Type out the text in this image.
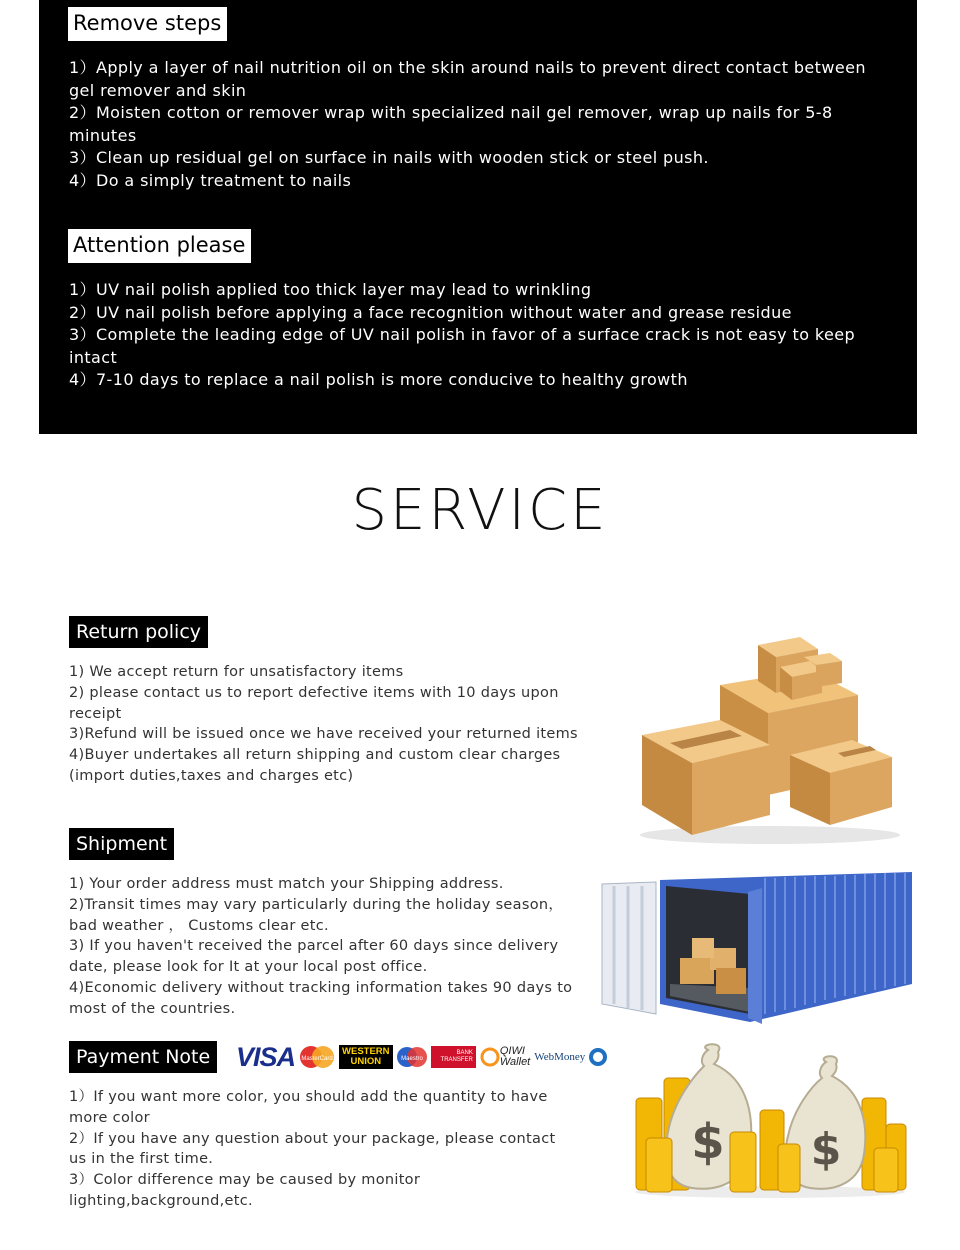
Remove steps
1）Apply a layer of nail nutrition oil on the skin around nails to prevent direct contact between gel remover and skin
2）Moisten cotton or remover wrap with specialized nail gel remover, wrap up nails for 5-8 minutes
3）Clean up residual gel on surface in nails with wooden stick or steel push.
4）Do a simply treatment to nails
Attention please
1）UV nail polish applied too thick layer may lead to wrinkling
2）UV nail polish before applying a face recognition without water and grease residue
3）Complete the leading edge of UV nail polish in favor of a surface crack is not easy to keep intact
4）7-10 days to replace a nail polish is more conducive to healthy growth
SERVICE
Return policy
1) We accept return for unsatisfactory items
2) please contact us to report defective items with 10 days upon receipt
3)Refund will be issued once we have received your returned items
4)Buyer undertakes all return shipping and custom clear charges (import duties,taxes and charges etc)
Shipment
1) Your order address must match your Shipping address.
2)Transit times may vary particularly during the holiday season，bad weather ， Customs clear etc.
3) If you haven't received the parcel after 60 days since delivery date, please look for It at your local post office.
4)Economic delivery without tracking information takes 90 days to most of the countries.
Payment Note VISA MasterCard
WESTERN
UNION	Maestro
BANK
TRANSFER
QIWI
Wallet WebMoney
1）If you want more color, you should add the quantity to have more color
2）If you have any question about your package, please contact us in the first time.
3）Color difference may be caused by monitor lighting,background,etc.
$ $
